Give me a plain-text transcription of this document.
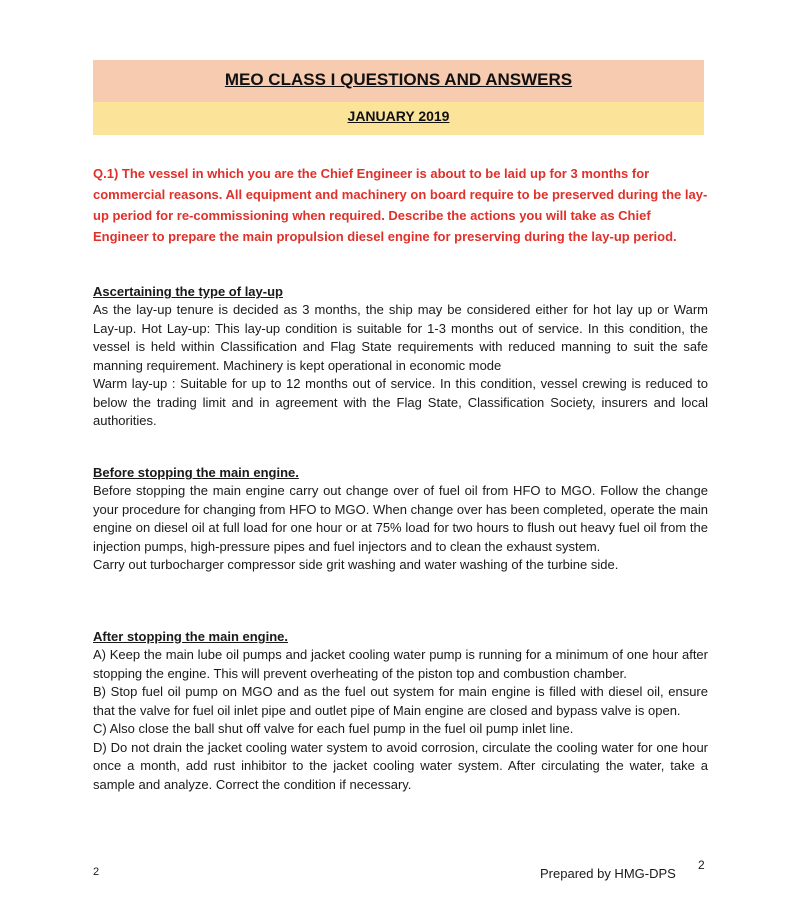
MEO CLASS I QUESTIONS AND ANSWERS
JANUARY 2019

Q.1) The vessel in which you are the Chief Engineer is about to be laid up for 3 months for commercial reasons. All equipment and machinery on board require to be preserved during the lay-up period for re-commissioning when required. Describe the actions you will take as Chief Engineer to prepare the main propulsion diesel engine for preserving during the lay-up period.

Ascertaining the type of lay-up

As the lay-up tenure is decided as 3 months, the ship may be considered either for hot lay up or Warm Lay-up. Hot Lay-up: This lay-up condition is suitable for 1-3 months out of service. In this condition, the vessel is held within Classification and Flag State requirements with reduced manning to suit the safe manning requirement. Machinery is kept operational in economic mode

Warm lay-up : Suitable for up to 12 months out of service. In this condition, vessel crewing is reduced to below the trading limit and in agreement with the Flag State, Classification Society, insurers and local authorities.

Before stopping the main engine.

Before stopping the main engine carry out change over of fuel oil from HFO to MGO. Follow the change your procedure for changing from HFO to MGO. When change over has been completed, operate the main engine on diesel oil at full load for one hour or at 75% load for two hours to flush out heavy fuel oil from the injection pumps, high-pressure pipes and fuel injectors and to clean the exhaust system.

Carry out turbocharger compressor side grit washing and water washing of the turbine side.

After stopping the main engine.

A) Keep the main lube oil pumps and jacket cooling water pump is running for a minimum of one hour after stopping the engine. This will prevent overheating of the piston top and combustion chamber.

B) Stop fuel oil pump on MGO and as the fuel out system for main engine is filled with diesel oil, ensure that the valve for fuel oil inlet pipe and outlet pipe of Main engine are closed and bypass valve is open.

C) Also close the ball shut off valve for each fuel pump in the fuel oil pump inlet line.

D) Do not drain the jacket cooling water system to avoid corrosion, circulate the cooling water for one hour once a month, add rust inhibitor to the jacket cooling water system. After circulating the water, take a sample and analyze. Correct the condition if necessary.

2	Prepared by HMG-DPS
2
